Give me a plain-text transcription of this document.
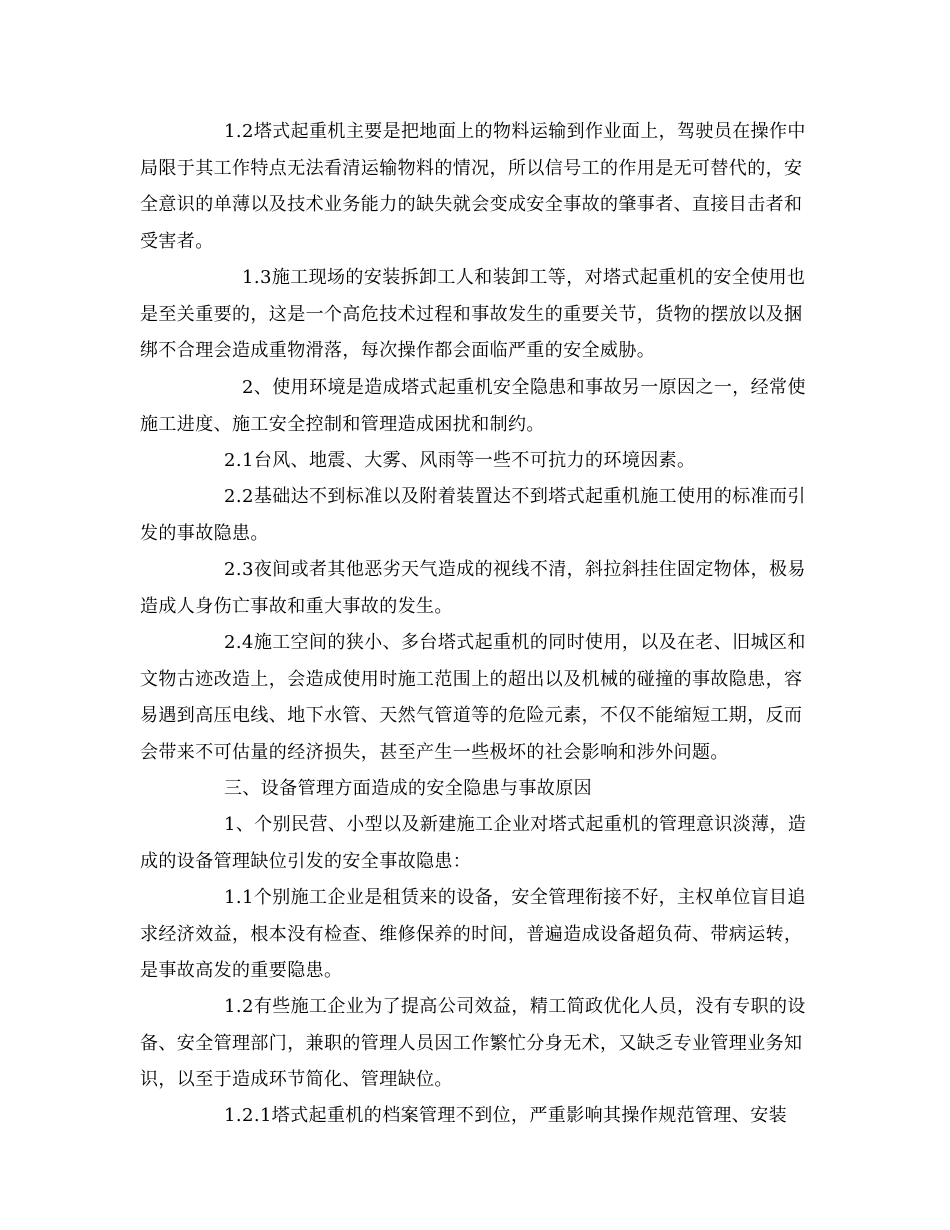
1.2塔式起重机主要是把地面上的物料运输到作业面上，驾驶员在操作中局限于其工作特点无法看清运输物料的情况，所以信号工的作用是无可替代的，安全意识的单薄以及技术业务能力的缺失就会变成安全事故的肇事者、直接目击者和受害者。

1.3施工现场的安装拆卸工人和装卸工等，对塔式起重机的安全使用也是至关重要的，这是一个高危技术过程和事故发生的重要关节，货物的摆放以及捆绑不合理会造成重物滑落，每次操作都会面临严重的安全威胁。

2、使用环境是造成塔式起重机安全隐患和事故另一原因之一，经常使施工进度、施工安全控制和管理造成困扰和制约。

2.1台风、地震、大雾、风雨等一些不可抗力的环境因素。

2.2基础达不到标准以及附着装置达不到塔式起重机施工使用的标准而引发的事故隐患。

2.3夜间或者其他恶劣天气造成的视线不清，斜拉斜挂住固定物体，极易造成人身伤亡事故和重大事故的发生。

2.4施工空间的狭小、多台塔式起重机的同时使用，以及在老、旧城区和文物古迹改造上，会造成使用时施工范围上的超出以及机械的碰撞的事故隐患，容易遇到高压电线、地下水管、天然气管道等的危险元素，不仅不能缩短工期，反而会带来不可估量的经济损失，甚至产生一些极坏的社会影响和涉外问题。

三、设备管理方面造成的安全隐患与事故原因

1、个别民营、小型以及新建施工企业对塔式起重机的管理意识淡薄，造成的设备管理缺位引发的安全事故隐患：

1.1个别施工企业是租赁来的设备，安全管理衔接不好，主权单位盲目追求经济效益，根本没有检查、维修保养的时间，普遍造成设备超负荷、带病运转，是事故高发的重要隐患。

1.2有些施工企业为了提高公司效益，精工简政优化人员，没有专职的设备、安全管理部门，兼职的管理人员因工作繁忙分身无术，又缺乏专业管理业务知识，以至于造成环节简化、管理缺位。

1.2.1塔式起重机的档案管理不到位，严重影响其操作规范管理、安装
